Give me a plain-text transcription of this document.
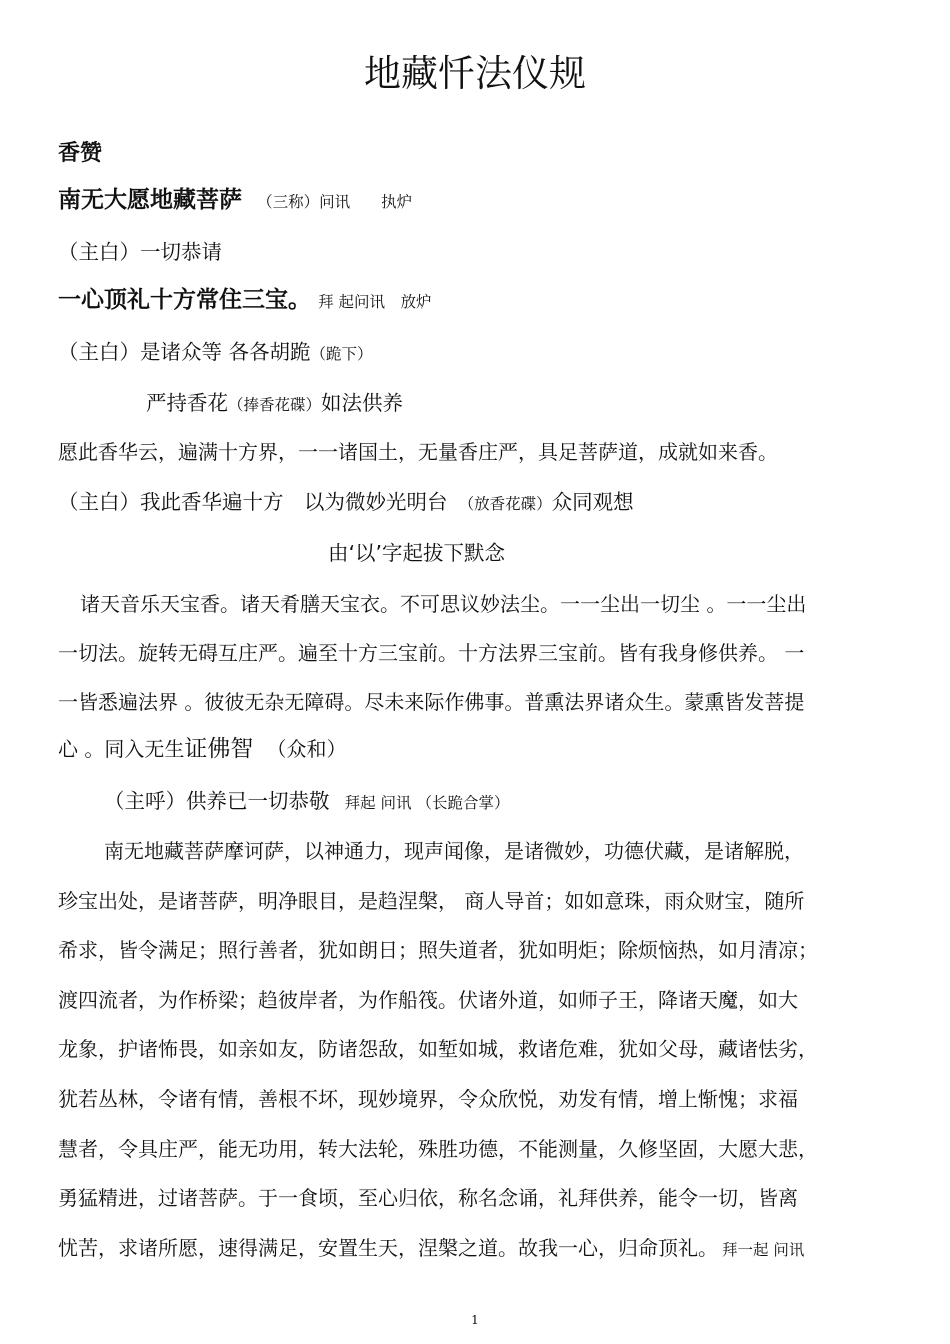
地藏忏法仪规
香赞
南无大愿地藏菩萨 （三称）问讯　　执炉
（主白）一切恭请
一心顶礼十方常住三宝。 拜 起问讯　放炉
（主白）是诸众等 各各胡跪（跪下）
严持香花（捧香花碟）如法供养
愿此香华云，遍满十方界，一一诸国土，无量香庄严，具足菩萨道，成就如来香。
（主白）我此香华遍十方　以为微妙光明台 （放香花碟）众同观想
由‘以’字起拔下默念
诸天音乐天宝香。诸天肴膳天宝衣。不可思议妙法尘。一一尘出一切尘 。一一尘出
一切法。旋转无碍互庄严。遍至十方三宝前。十方法界三宝前。皆有我身修供养。 一
一皆悉遍法界 。彼彼无杂无障碍。尽未来际作佛事。普熏法界诸众生。蒙熏皆发菩提
心 。同入无生证佛智 （众和）
（主呼）供养已一切恭敬 拜起 问讯 （长跪合掌）
南无地藏菩萨摩诃萨，以神通力，现声闻像，是诸微妙，功德伏藏，是诸解脱，
珍宝出处，是诸菩萨，明净眼目，是趋涅槃， 商人导首；如如意珠，雨众财宝，随所
希求，皆令满足；照行善者，犹如朗日；照失道者，犹如明炬；除烦恼热，如月清凉；
渡四流者，为作桥梁；趋彼岸者，为作船筏。伏诸外道，如师子王，降诸天魔，如大
龙象，护诸怖畏，如亲如友，防诸怨敌，如堑如城，救诸危难，犹如父母，藏诸怯劣，
犹若丛林，令诸有情，善根不坏，现妙境界，令众欣悦，劝发有情，增上惭愧；求福
慧者，令具庄严，能无功用，转大法轮，殊胜功德，不能测量，久修坚固，大愿大悲，
勇猛精进，过诸菩萨。于一食顷，至心归依，称名念诵，礼拜供养，能令一切，皆离
忧苦，求诸所愿，速得满足，安置生天，涅槃之道。故我一心，归命顶礼。 拜一起 问讯
1
